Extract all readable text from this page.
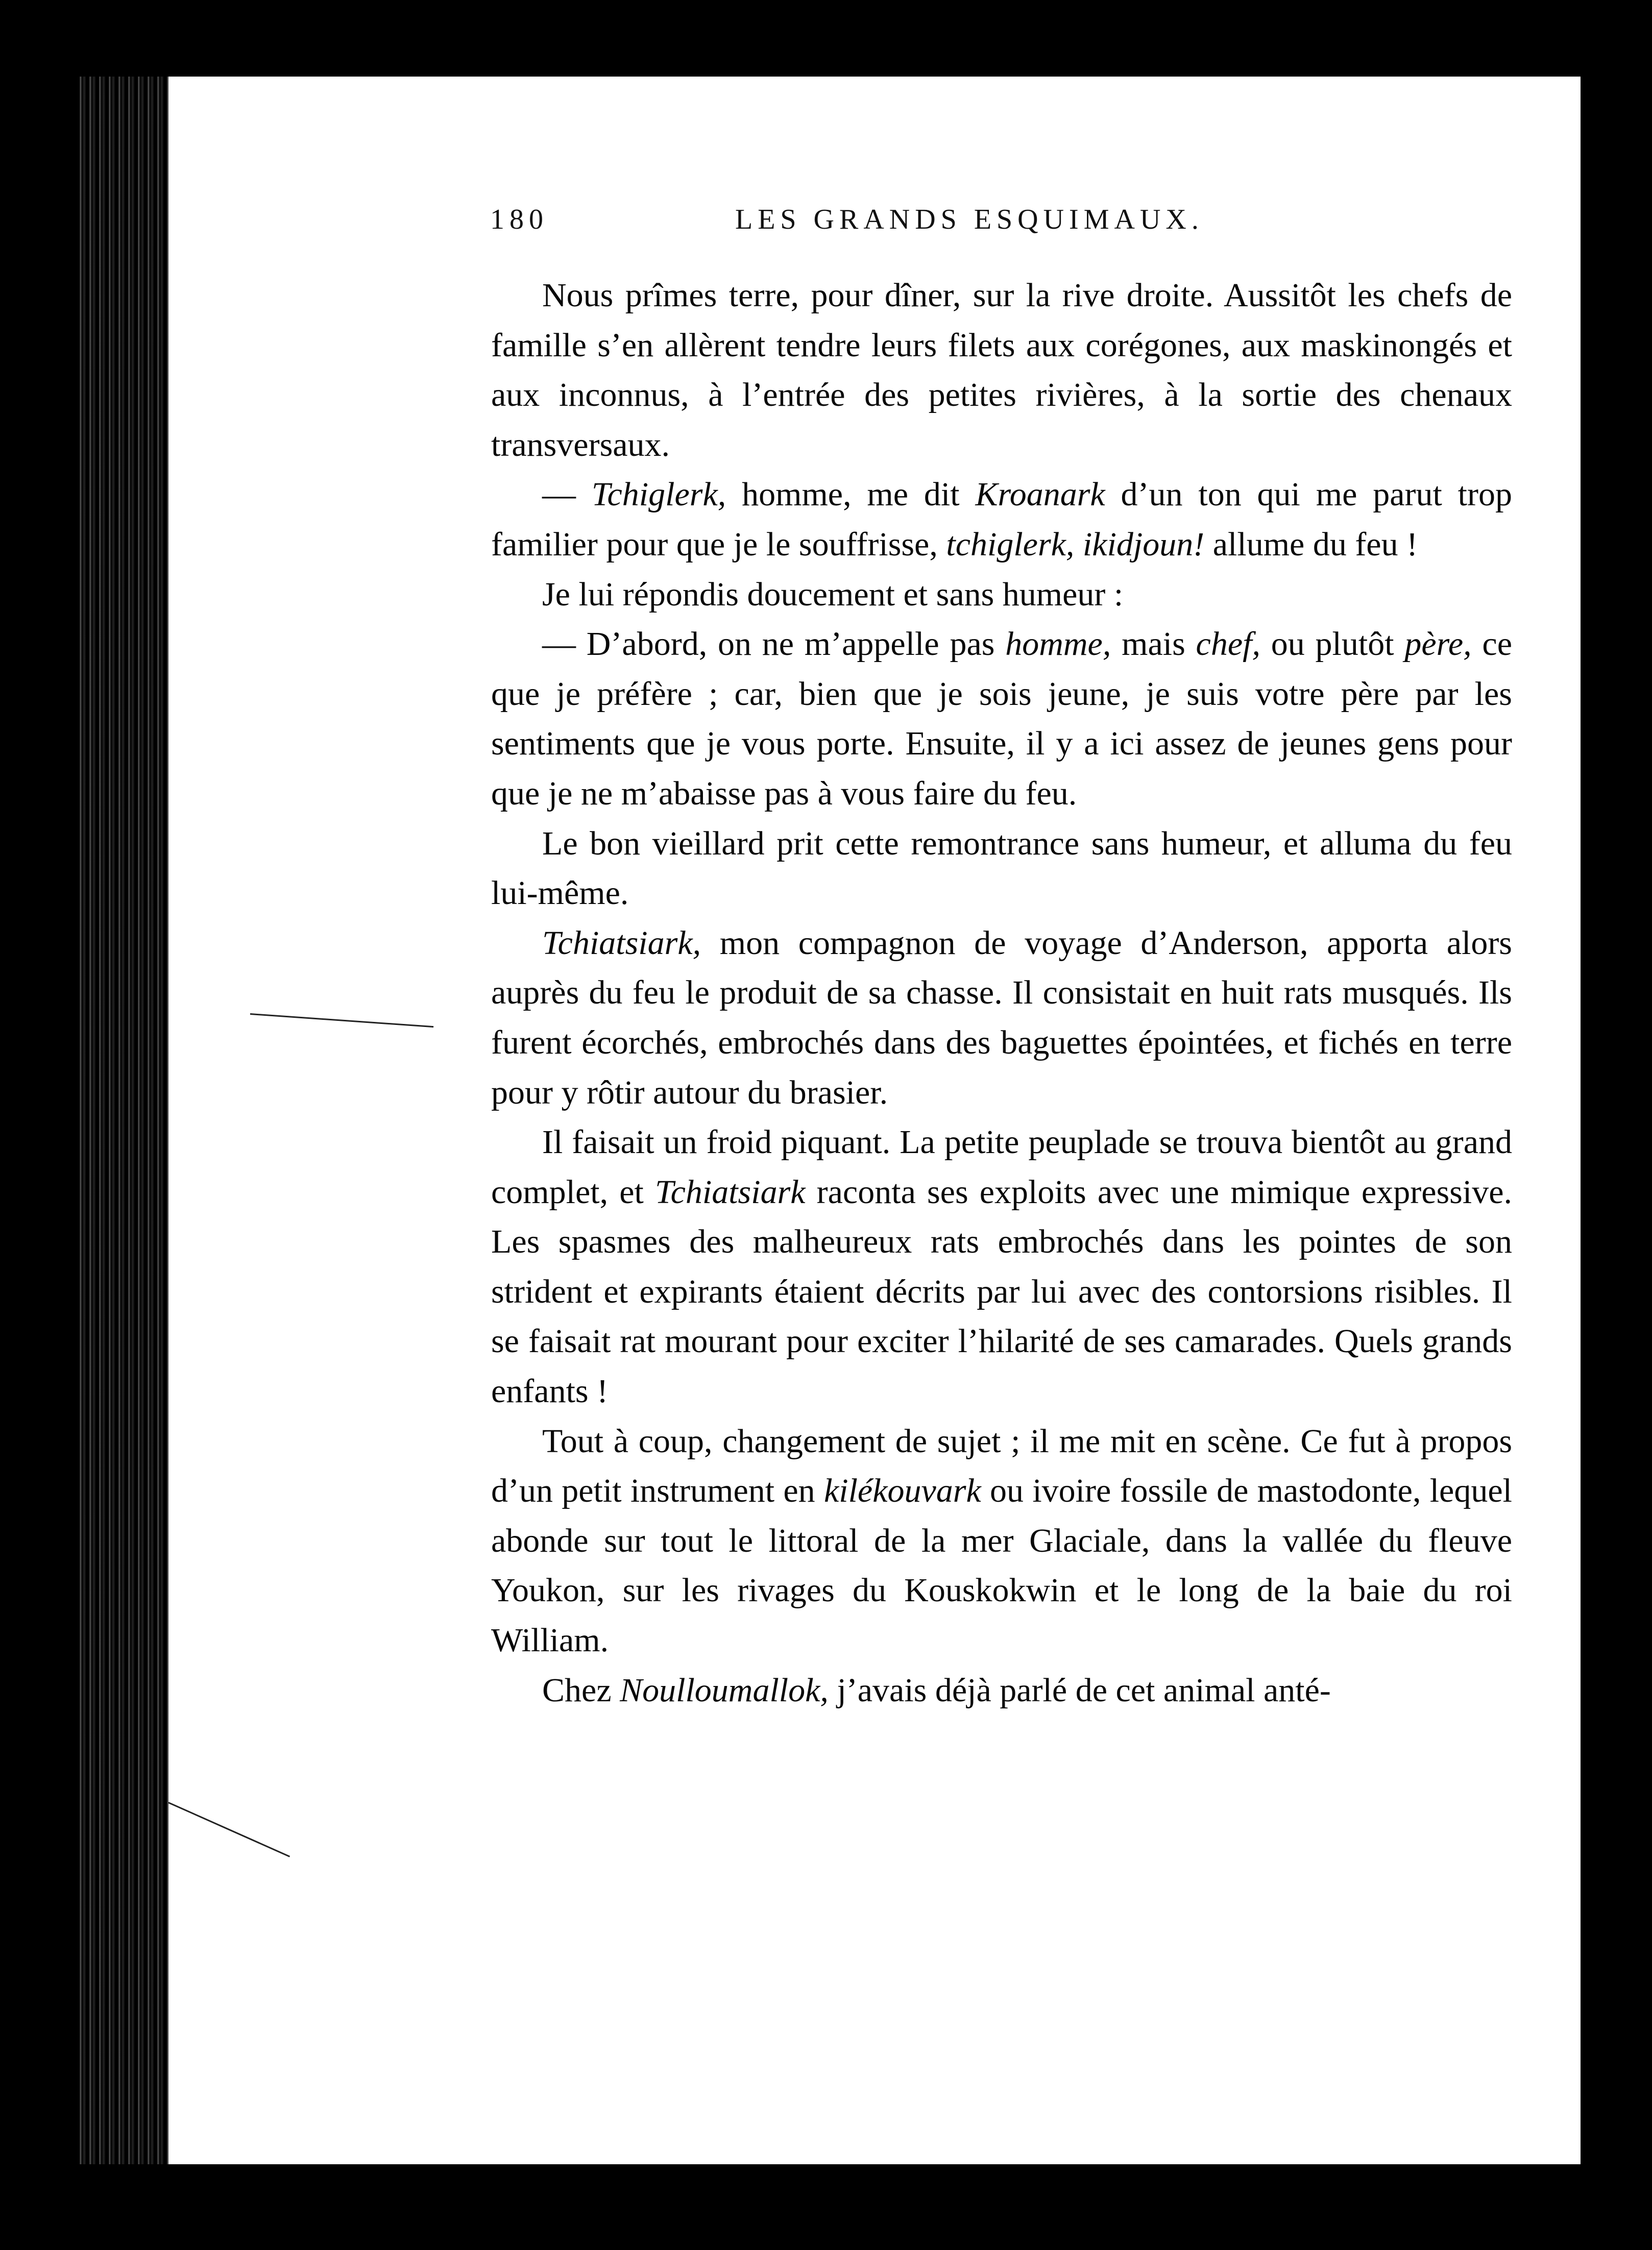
180	LES GRANDS ESQUIMAUX.

Nous prîmes terre, pour dîner, sur la rive droite. Aussitôt les chefs de famille s’en allèrent tendre leurs filets aux corégones, aux maskinongés et aux inconnus, à l’entrée des petites rivières, à la sortie des chenaux transversaux.

— Tchiglerk, homme, me dit Kroanark d’un ton qui me parut trop familier pour que je le souffrisse, tchiglerk, ikidjoun! allume du feu !

Je lui répondis doucement et sans humeur :

— D’abord, on ne m’appelle pas homme, mais chef, ou plutôt père, ce que je préfère ; car, bien que je sois jeune, je suis votre père par les sentiments que je vous porte. Ensuite, il y a ici assez de jeunes gens pour que je ne m’abaisse pas à vous faire du feu.

Le bon vieillard prit cette remontrance sans humeur, et alluma du feu lui-même.

Tchiatsiark, mon compagnon de voyage d’Anderson, apporta alors auprès du feu le produit de sa chasse. Il consistait en huit rats musqués. Ils furent écorchés, embrochés dans des baguettes épointées, et fichés en terre pour y rôtir autour du brasier.

Il faisait un froid piquant. La petite peuplade se trouva bientôt au grand complet, et Tchiatsiark raconta ses exploits avec une mimique expressive. Les spasmes des malheureux rats embrochés dans les pointes de son strident et expirants étaient décrits par lui avec des contorsions risibles. Il se faisait rat mourant pour exciter l’hilarité de ses camarades. Quels grands enfants !

Tout à coup, changement de sujet ; il me mit en scène. Ce fut à propos d’un petit instrument en kilékouvark ou ivoire fossile de mastodonte, lequel abonde sur tout le littoral de la mer Glaciale, dans la vallée du fleuve Youkon, sur les rivages du Kouskokwin et le long de la baie du roi William.

Chez Noulloumallok, j’avais déjà parlé de cet animal anté-
